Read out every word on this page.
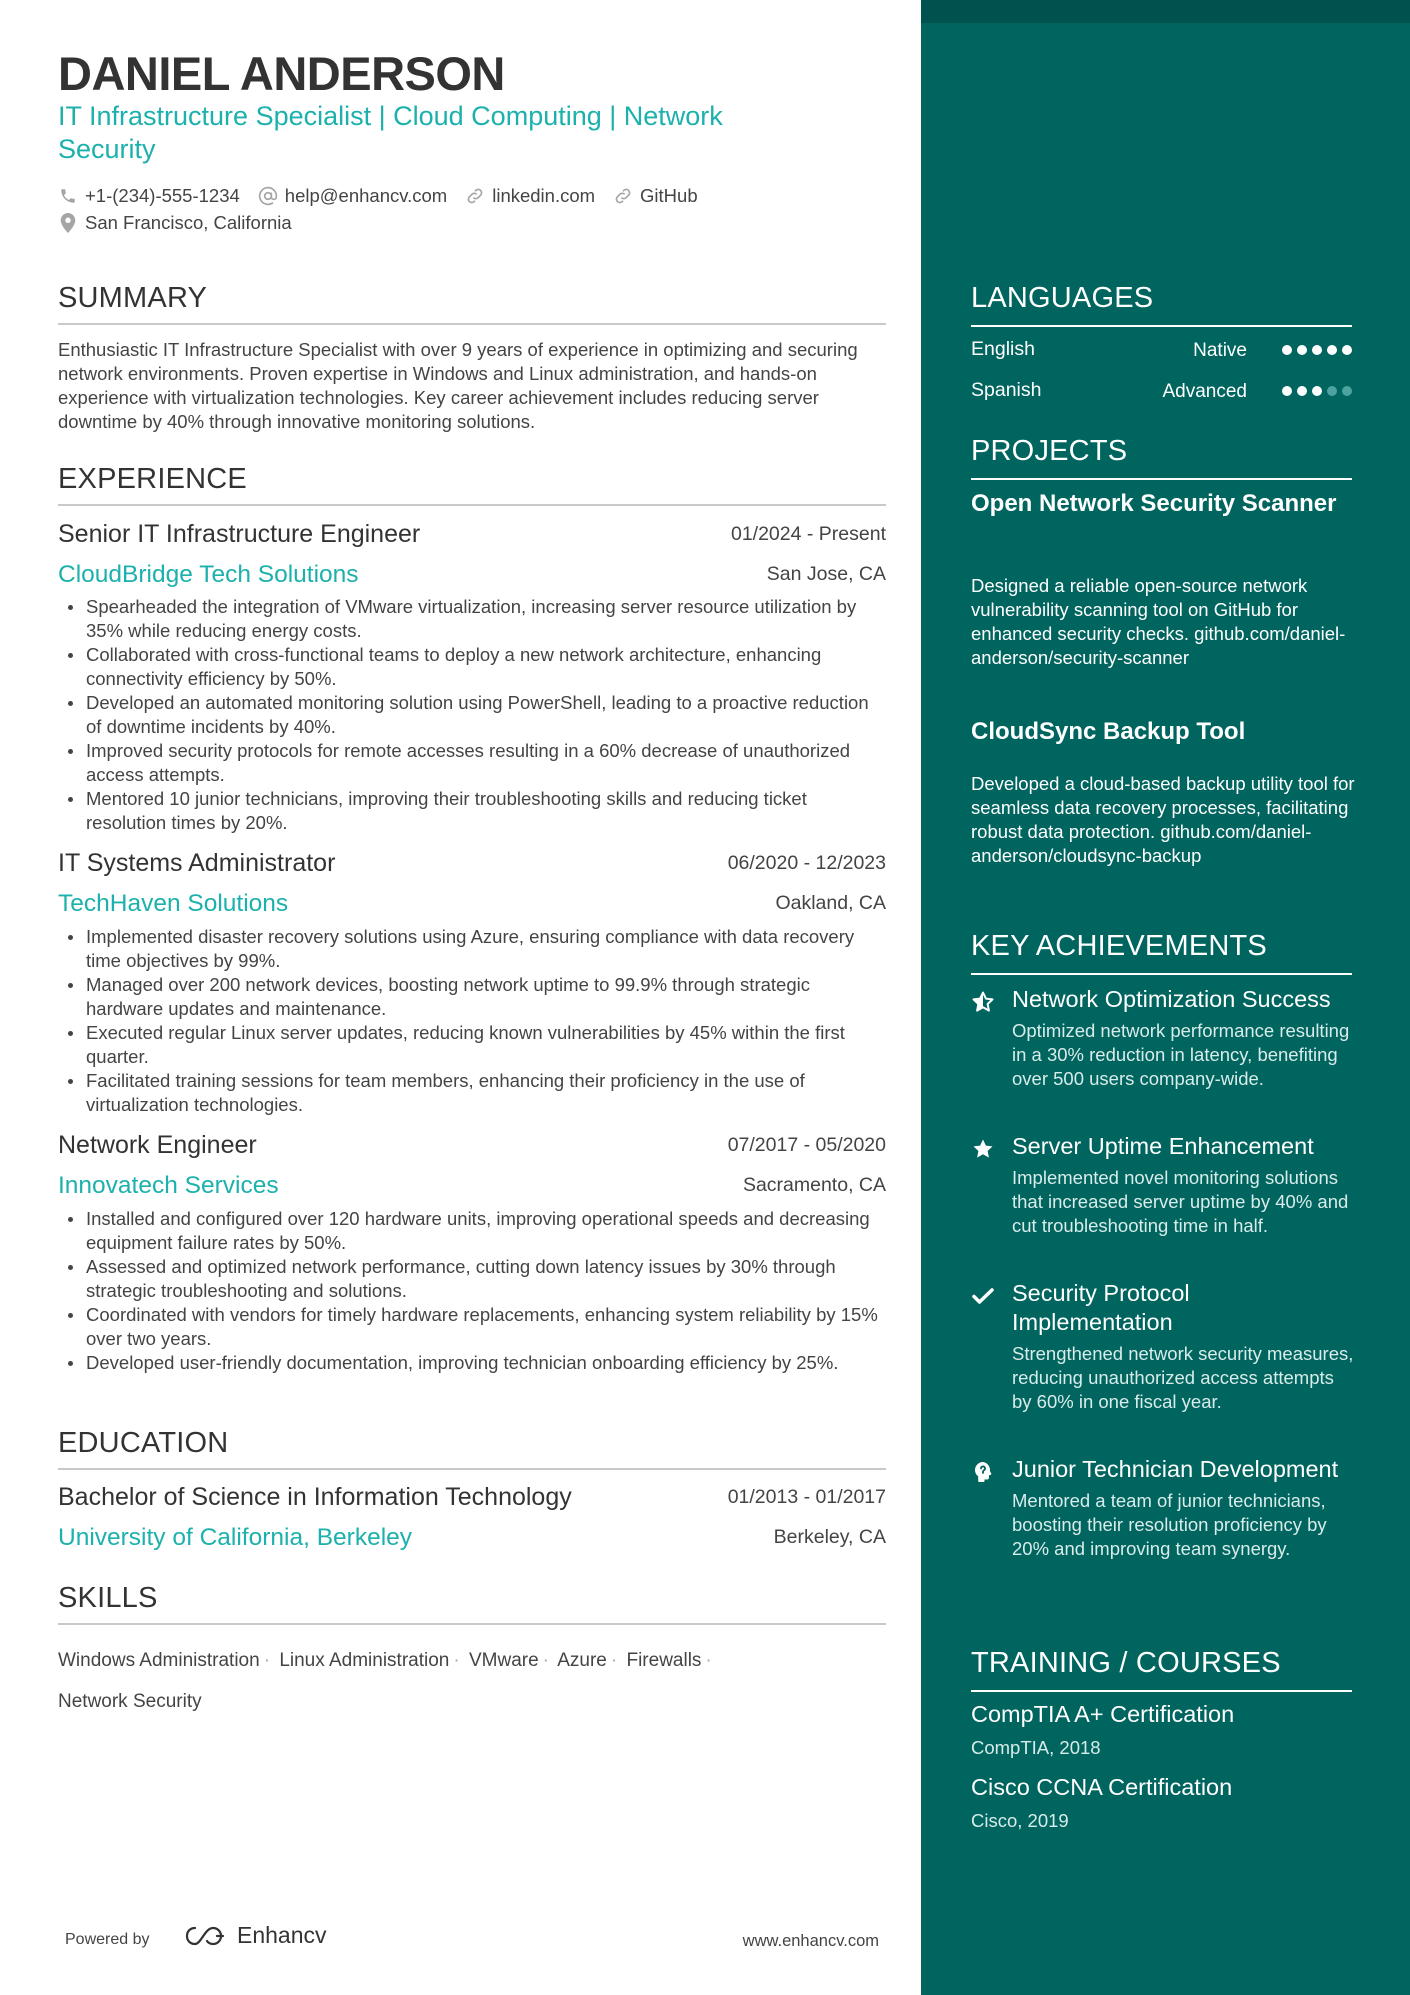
DANIEL ANDERSON
IT Infrastructure Specialist | Cloud Computing | Network Security
+1-(234)-555-1234 help@enhancv.com linkedin.com GitHub
San Francisco, California
SUMMARY
Enthusiastic IT Infrastructure Specialist with over 9 years of experience in optimizing and securing network environments. Proven expertise in Windows and Linux administration, and hands-on experience with virtualization technologies. Key career achievement includes reducing server downtime by 40% through innovative monitoring solutions.
EXPERIENCE
Senior IT Infrastructure Engineer	01/2024 - Present
CloudBridge Tech Solutions	San Jose, CA
Spearheaded the integration of VMware virtualization, increasing server resource utilization by 35% while reducing energy costs.
Collaborated with cross-functional teams to deploy a new network architecture, enhancing connectivity efficiency by 50%.
Developed an automated monitoring solution using PowerShell, leading to a proactive reduction of downtime incidents by 40%.
Improved security protocols for remote accesses resulting in a 60% decrease of unauthorized access attempts.
Mentored 10 junior technicians, improving their troubleshooting skills and reducing ticket resolution times by 20%.
IT Systems Administrator	06/2020 - 12/2023
TechHaven Solutions	Oakland, CA
Implemented disaster recovery solutions using Azure, ensuring compliance with data recovery time objectives by 99%.
Managed over 200 network devices, boosting network uptime to 99.9% through strategic hardware updates and maintenance.
Executed regular Linux server updates, reducing known vulnerabilities by 45% within the first quarter.
Facilitated training sessions for team members, enhancing their proficiency in the use of virtualization technologies.
Network Engineer	07/2017 - 05/2020
Innovatech Services	Sacramento, CA
Installed and configured over 120 hardware units, improving operational speeds and decreasing equipment failure rates by 50%.
Assessed and optimized network performance, cutting down latency issues by 30% through strategic troubleshooting and solutions.
Coordinated with vendors for timely hardware replacements, enhancing system reliability by 15% over two years.
Developed user-friendly documentation, improving technician onboarding efficiency by 25%.
EDUCATION
Bachelor of Science in Information Technology	01/2013 - 01/2017
University of California, Berkeley	Berkeley, CA
SKILLS
Windows Administration · Linux Administration · VMware · Azure · Firewalls ·
Network Security
Powered by	Enhancv	www.enhancv.com
LANGUAGES
English	Native
Spanish	Advanced
PROJECTS
Open Network Security Scanner
Designed a reliable open-source network vulnerability scanning tool on GitHub for enhanced security checks. github.com/daniel-anderson/security-scanner
CloudSync Backup Tool
Developed a cloud-based backup utility tool for seamless data recovery processes, facilitating robust data protection. github.com/daniel-anderson/cloudsync-backup
KEY ACHIEVEMENTS
Network Optimization Success
Optimized network performance resulting in a 30% reduction in latency, benefiting over 500 users company-wide.
Server Uptime Enhancement
Implemented novel monitoring solutions that increased server uptime by 40% and cut troubleshooting time in half.
Security Protocol Implementation
Strengthened network security measures, reducing unauthorized access attempts by 60% in one fiscal year.
Junior Technician Development
Mentored a team of junior technicians, boosting their resolution proficiency by 20% and improving team synergy.
TRAINING / COURSES
CompTIA A+ Certification
CompTIA, 2018
Cisco CCNA Certification
Cisco, 2019
